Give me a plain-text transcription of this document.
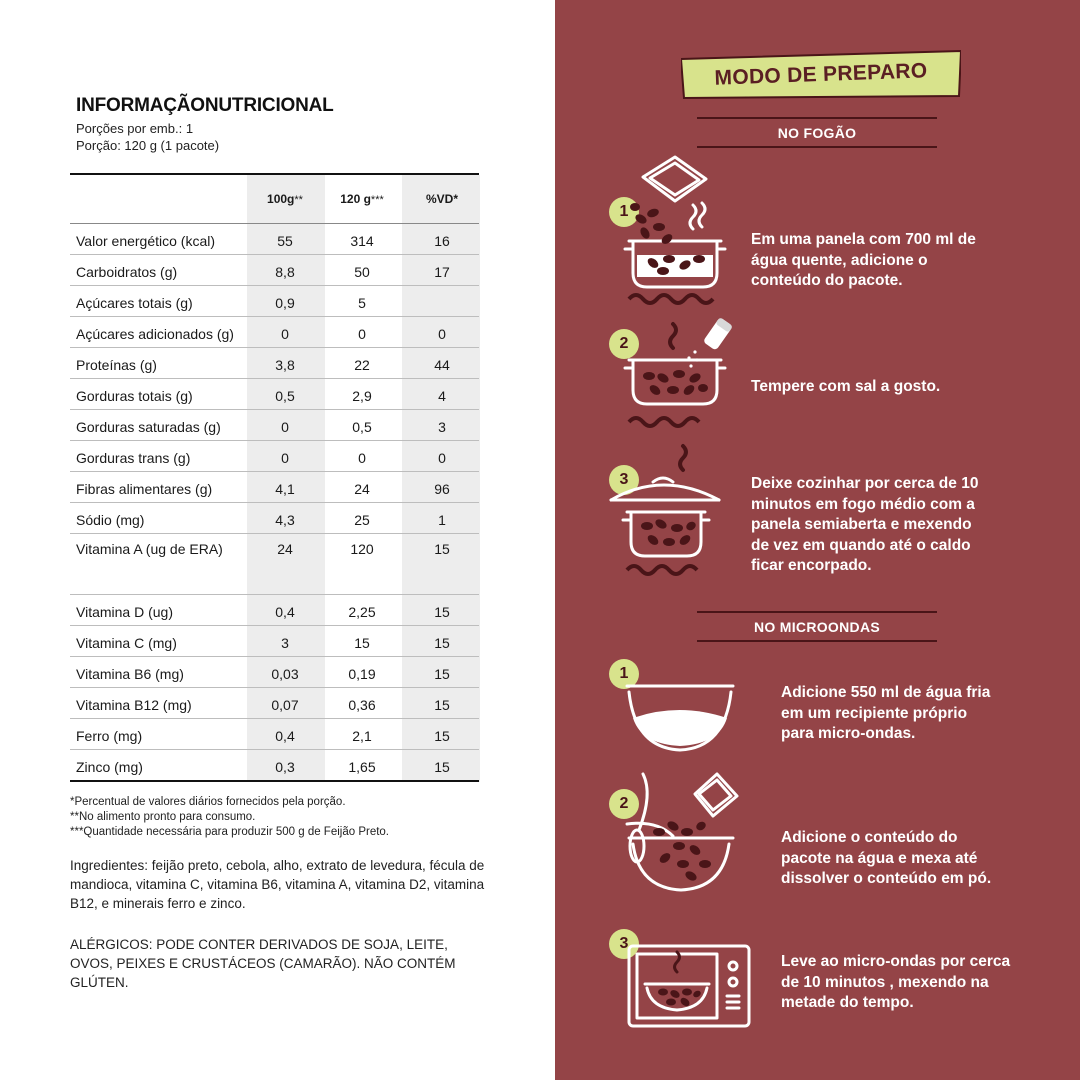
INFORMAÇÃONUTRICIONAL
Porções por emb.: 1
Porção: 120 g (1 pacote)
100g**	120 g***	%VD*
Valor energético (kcal)	55	314	16
Carboidratos (g)	8,8	50	17
Açúcares totais (g)	0,9	5
Açúcares adicionados (g)	0	0	0
Proteínas (g)	3,8	22	44
Gorduras totais (g)	0,5	2,9	4
Gorduras saturadas (g)	0	0,5	3
Gorduras trans (g)	0	0	0
Fibras alimentares (g)	4,1	24	96
Sódio (mg)	4,3	25	1
Vitamina A (ug de ERA)	24	120	15
Vitamina D (ug)	0,4	2,25	15
Vitamina C (mg)	3	15	15
Vitamina B6 (mg)	0,03	0,19	15
Vitamina B12 (mg)	0,07	0,36	15
Ferro (mg)	0,4	2,1	15
Zinco (mg)	0,3	1,65	15
*Percentual de valores diários fornecidos pela porção.
**No alimento pronto para consumo.
***Quantidade necessária para produzir 500 g de Feijão Preto.
Ingredientes: feijão preto, cebola, alho, extrato de levedura, fécula de mandioca, vitamina C, vitamina B6, vitamina A, vitamina D2, vitamina B12, e minerais ferro e zinco.
ALÉRGICOS: PODE CONTER DERIVADOS DE SOJA, LEITE, OVOS, PEIXES E CRUSTÁCEOS (CAMARÃO). NÃO CONTÉM GLÚTEN.
MODO DE PREPARO
NO FOGÃO
1
Em uma panela com 700 ml de água quente, adicione o conteúdo do pacote.
2
Tempere com sal a gosto.
3	Deixe cozinhar por cerca de 10 minutos em fogo médio com a panela semiaberta e mexendo de vez em quando até o caldo ficar encorpado.
NO MICROONDAS
1
Adicione 550 ml de água fria em um recipiente próprio para micro-ondas.
2
Adicione o conteúdo do pacote na água e mexa até dissolver o conteúdo em pó.
3
Leve ao micro-ondas por cerca de 10 minutos , mexendo na metade do tempo.
